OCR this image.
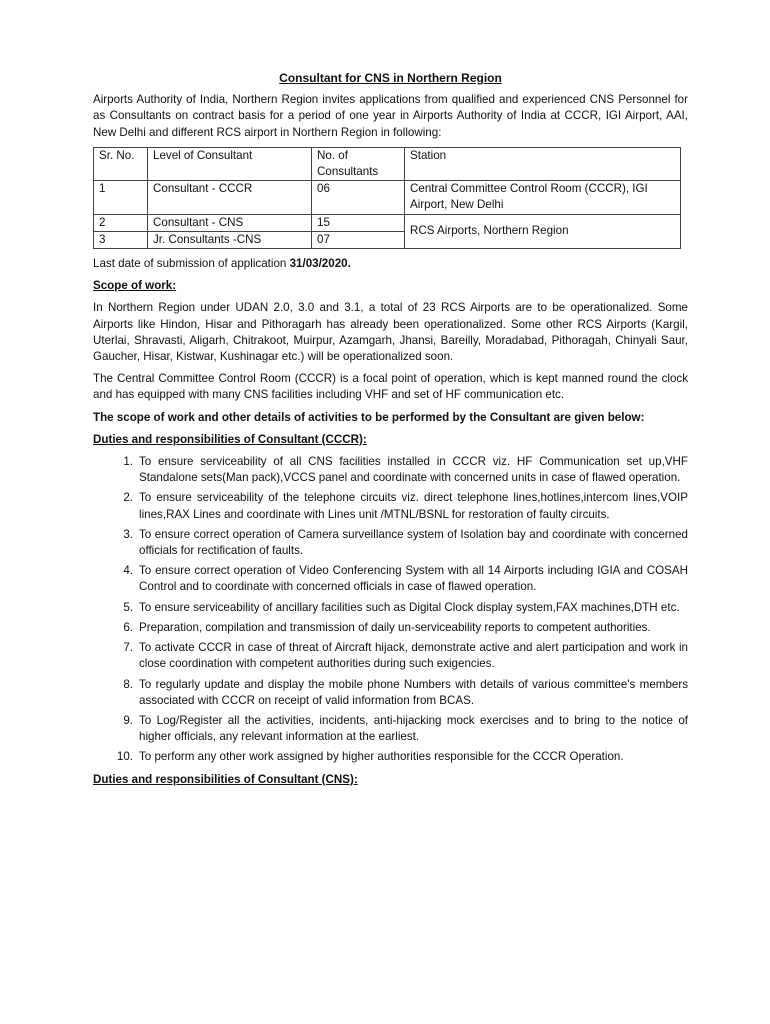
Consultant for CNS in Northern Region

Airports Authority of India, Northern Region invites applications from qualified and experienced CNS Personnel for as Consultants on contract basis for a period of one year in Airports Authority of India at CCCR, IGI Airport, AAI, New Delhi and different RCS airport in Northern Region in following:

Sr. No.	Level of Consultant	No. of Consultants	Station
1	Consultant - CCCR	06	Central Committee Control Room (CCCR), IGI Airport, New Delhi
2	Consultant - CNS	15	RCS Airports, Northern Region
3	Jr. Consultants -CNS	07	

Last date of submission of application 31/03/2020.

Scope of work:

In Northern Region under UDAN 2.0, 3.0 and 3.1, a total of 23 RCS Airports are to be operationalized. Some Airports like Hindon, Hisar and Pithoragarh has already been operationalized. Some other RCS Airports (Kargil, Uterlai, Shravasti, Aligarh, Chitrakoot, Muirpur, Azamgarh, Jhansi, Bareilly, Moradabad, Pithoragah, Chinyali Saur, Gaucher, Hisar, Kistwar, Kushinagar etc.) will be operationalized soon.

The Central Committee Control Room (CCCR) is a focal point of operation, which is kept manned round the clock and has equipped with many CNS facilities including VHF and set of HF communication etc.

The scope of work and other details of activities to be performed by the Consultant are given below:
Duties and responsibilities of Consultant (CCCR):
1. To ensure serviceability of all CNS facilities installed in CCCR viz. HF Communication set up,VHF Standalone sets(Man pack),VCCS panel and coordinate with concerned units in case of flawed operation.
2. To ensure serviceability of the telephone circuits viz. direct telephone lines,hotlines,intercom lines,VOIP lines,RAX Lines and coordinate with Lines unit /MTNL/BSNL for restoration of faulty circuits.
3. To ensure correct operation of Camera surveillance system of Isolation bay and coordinate with concerned officials for rectification of faults.
4. To ensure correct operation of Video Conferencing System with all 14 Airports including IGIA and COSAH Control and to coordinate with concerned officials in case of flawed operation.
5. To ensure serviceability of ancillary facilities such as Digital Clock display system,FAX machines,DTH etc.
6. Preparation, compilation and transmission of daily un-serviceability reports to competent authorities.
7. To activate CCCR in case of threat of Aircraft hijack, demonstrate active and alert participation and work in close coordination with competent authorities during such exigencies.
8. To regularly update and display the mobile phone Numbers with details of various committee's members associated with CCCR on receipt of valid information from BCAS.
9. To Log/Register all the activities, incidents, anti-hijacking mock exercises and to bring to the notice of higher officials, any relevant information at the earliest.
10. To perform any other work assigned by higher authorities responsible for the CCCR Operation.
Duties and responsibilities of Consultant (CNS):
